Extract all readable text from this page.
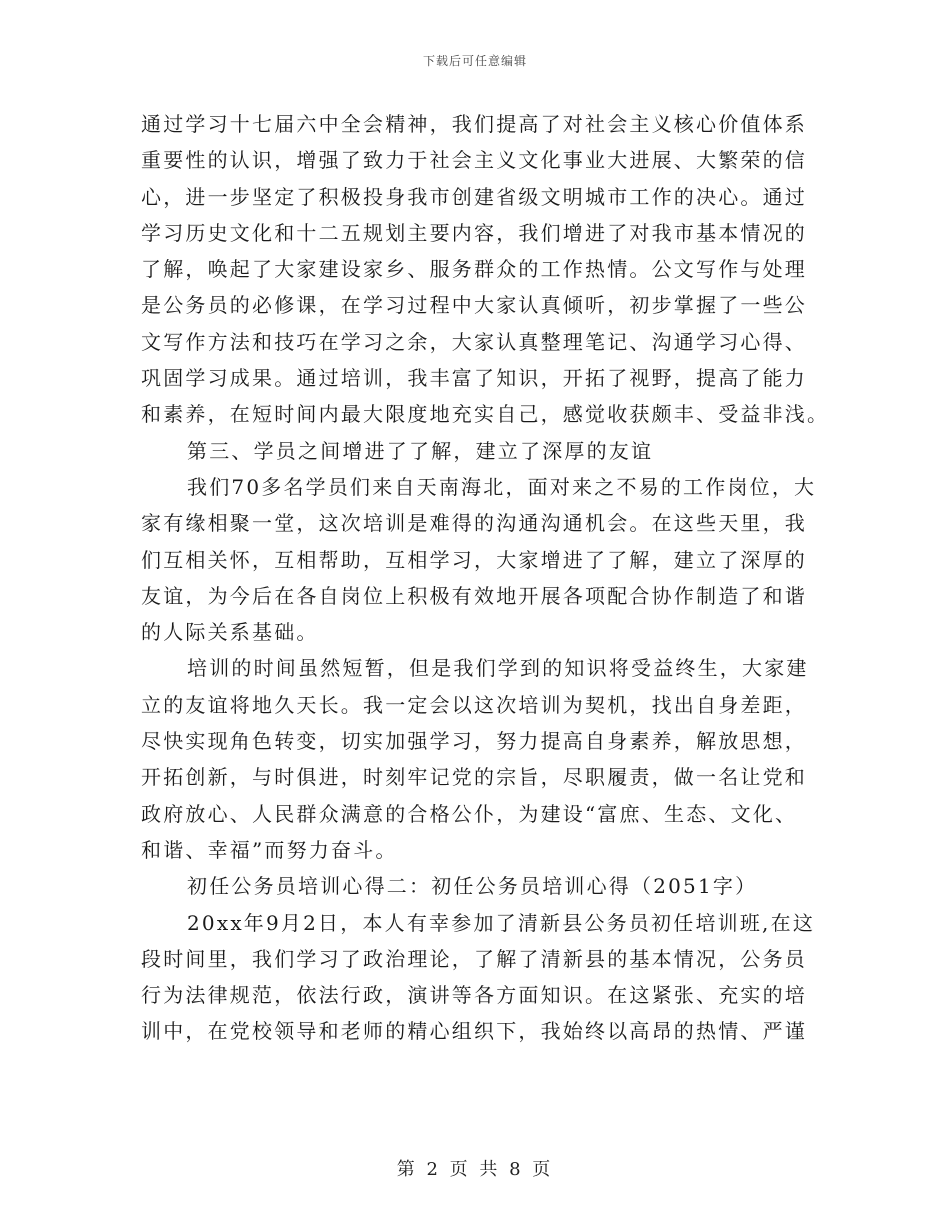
下载后可任意编辑

通过学习十七届六中全会精神，我们提高了对社会主义核心价值体系
重要性的认识，增强了致力于社会主义文化事业大进展、大繁荣的信
心，进一步坚定了积极投身我市创建省级文明城市工作的决心。通过
学习历史文化和十二五规划主要内容，我们增进了对我市基本情况的
了解，唤起了大家建设家乡、服务群众的工作热情。公文写作与处理
是公务员的必修课，在学习过程中大家认真倾听，初步掌握了一些公
文写作方法和技巧在学习之余，大家认真整理笔记、沟通学习心得、
巩固学习成果。通过培训，我丰富了知识，开拓了视野，提高了能力
和素养，在短时间内最大限度地充实自己，感觉收获颇丰、受益非浅。

第三、学员之间增进了了解，建立了深厚的友谊

我们70多名学员们来自天南海北，面对来之不易的工作岗位，大
家有缘相聚一堂，这次培训是难得的沟通沟通机会。在这些天里，我
们互相关怀，互相帮助，互相学习，大家增进了了解，建立了深厚的
友谊，为今后在各自岗位上积极有效地开展各项配合协作制造了和谐
的人际关系基础。

培训的时间虽然短暂，但是我们学到的知识将受益终生，大家建
立的友谊将地久天长。我一定会以这次培训为契机，找出自身差距，
尽快实现角色转变，切实加强学习，努力提高自身素养，解放思想，
开拓创新，与时俱进，时刻牢记党的宗旨，尽职履责，做一名让党和
政府放心、人民群众满意的合格公仆，为建设“富庶、生态、文化、
和谐、幸福”而努力奋斗。

初任公务员培训心得二：初任公务员培训心得（2051字）

20xx年9月2日，本人有幸参加了清新县公务员初任培训班,在这
段时间里，我们学习了政治理论，了解了清新县的基本情况，公务员
行为法律规范，依法行政，演讲等各方面知识。在这紧张、充实的培
训中，在党校领导和老师的精心组织下，我始终以高昂的热情、严谨

第 2 页 共 8 页
